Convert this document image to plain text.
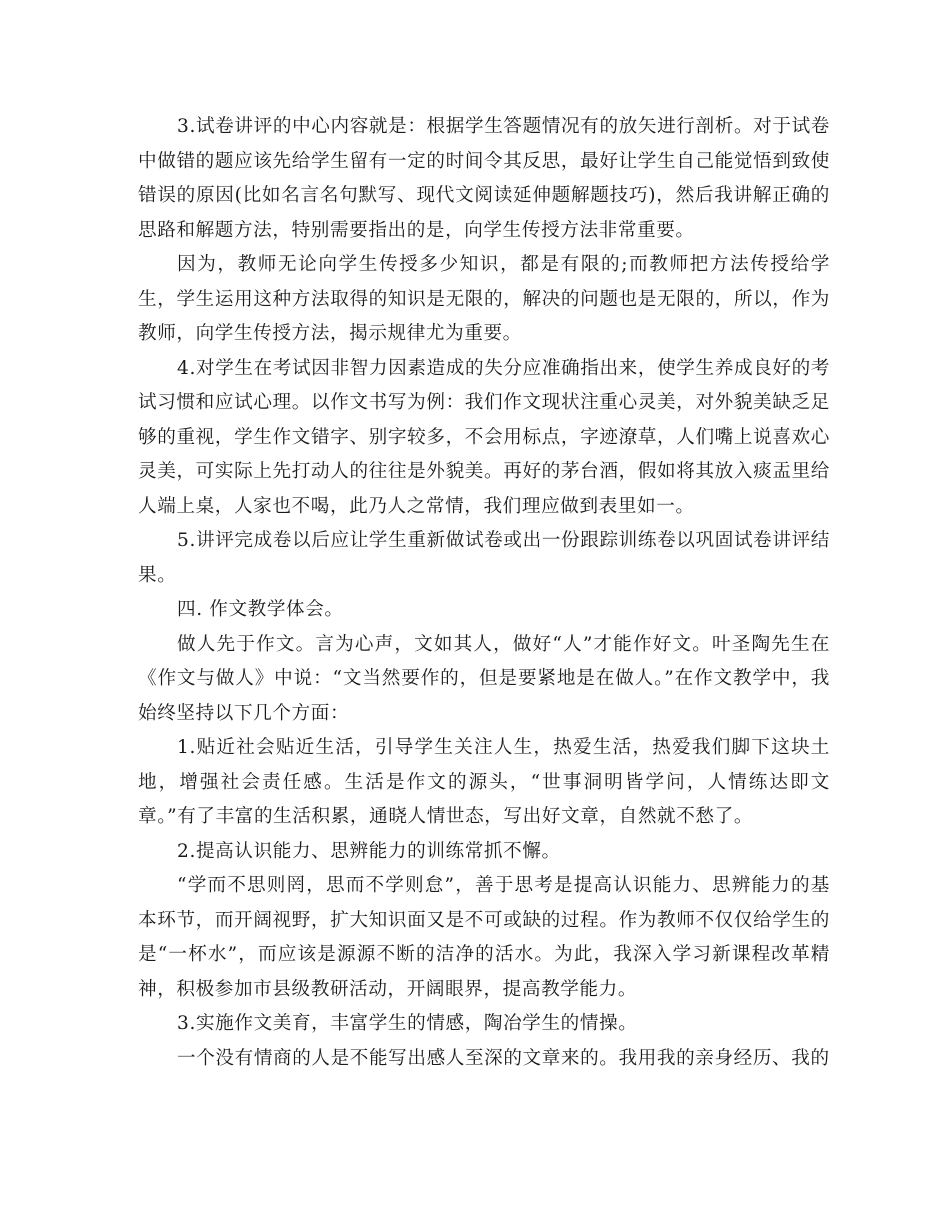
3.试卷讲评的中心内容就是：根据学生答题情况有的放矢进行剖析。对于试卷中做错的题应该先给学生留有一定的时间令其反思，最好让学生自己能觉悟到致使错误的原因(比如名言名句默写、现代文阅读延伸题解题技巧)，然后我讲解正确的思路和解题方法，特别需要指出的是，向学生传授方法非常重要。

因为，教师无论向学生传授多少知识，都是有限的;而教师把方法传授给学生，学生运用这种方法取得的知识是无限的，解决的问题也是无限的，所以，作为教师，向学生传授方法，揭示规律尤为重要。

4.对学生在考试因非智力因素造成的失分应准确指出来，使学生养成良好的考试习惯和应试心理。以作文书写为例：我们作文现状注重心灵美，对外貌美缺乏足够的重视，学生作文错字、别字较多，不会用标点，字迹潦草，人们嘴上说喜欢心灵美，可实际上先打动人的往往是外貌美。再好的茅台酒，假如将其放入痰盂里给人端上桌，人家也不喝，此乃人之常情，我们理应做到表里如一。

5.讲评完成卷以后应让学生重新做试卷或出一份跟踪训练卷以巩固试卷讲评结果。

四. 作文教学体会。

做人先于作文。言为心声，文如其人，做好“人”才能作好文。叶圣陶先生在《作文与做人》中说：“文当然要作的，但是要紧地是在做人。”在作文教学中，我始终坚持以下几个方面：

1.贴近社会贴近生活，引导学生关注人生，热爱生活，热爱我们脚下这块土地，增强社会责任感。生活是作文的源头，“世事洞明皆学问，人情练达即文章。”有了丰富的生活积累，通晓人情世态，写出好文章，自然就不愁了。

2.提高认识能力、思辨能力的训练常抓不懈。

“学而不思则罔，思而不学则怠”，善于思考是提高认识能力、思辨能力的基本环节，而开阔视野，扩大知识面又是不可或缺的过程。作为教师不仅仅给学生的是“一杯水”，而应该是源源不断的洁净的活水。为此，我深入学习新课程改革精神，积极参加市县级教研活动，开阔眼界，提高教学能力。

3.实施作文美育，丰富学生的情感，陶冶学生的情操。

一个没有情商的人是不能写出感人至深的文章来的。我用我的亲身经历、我的
